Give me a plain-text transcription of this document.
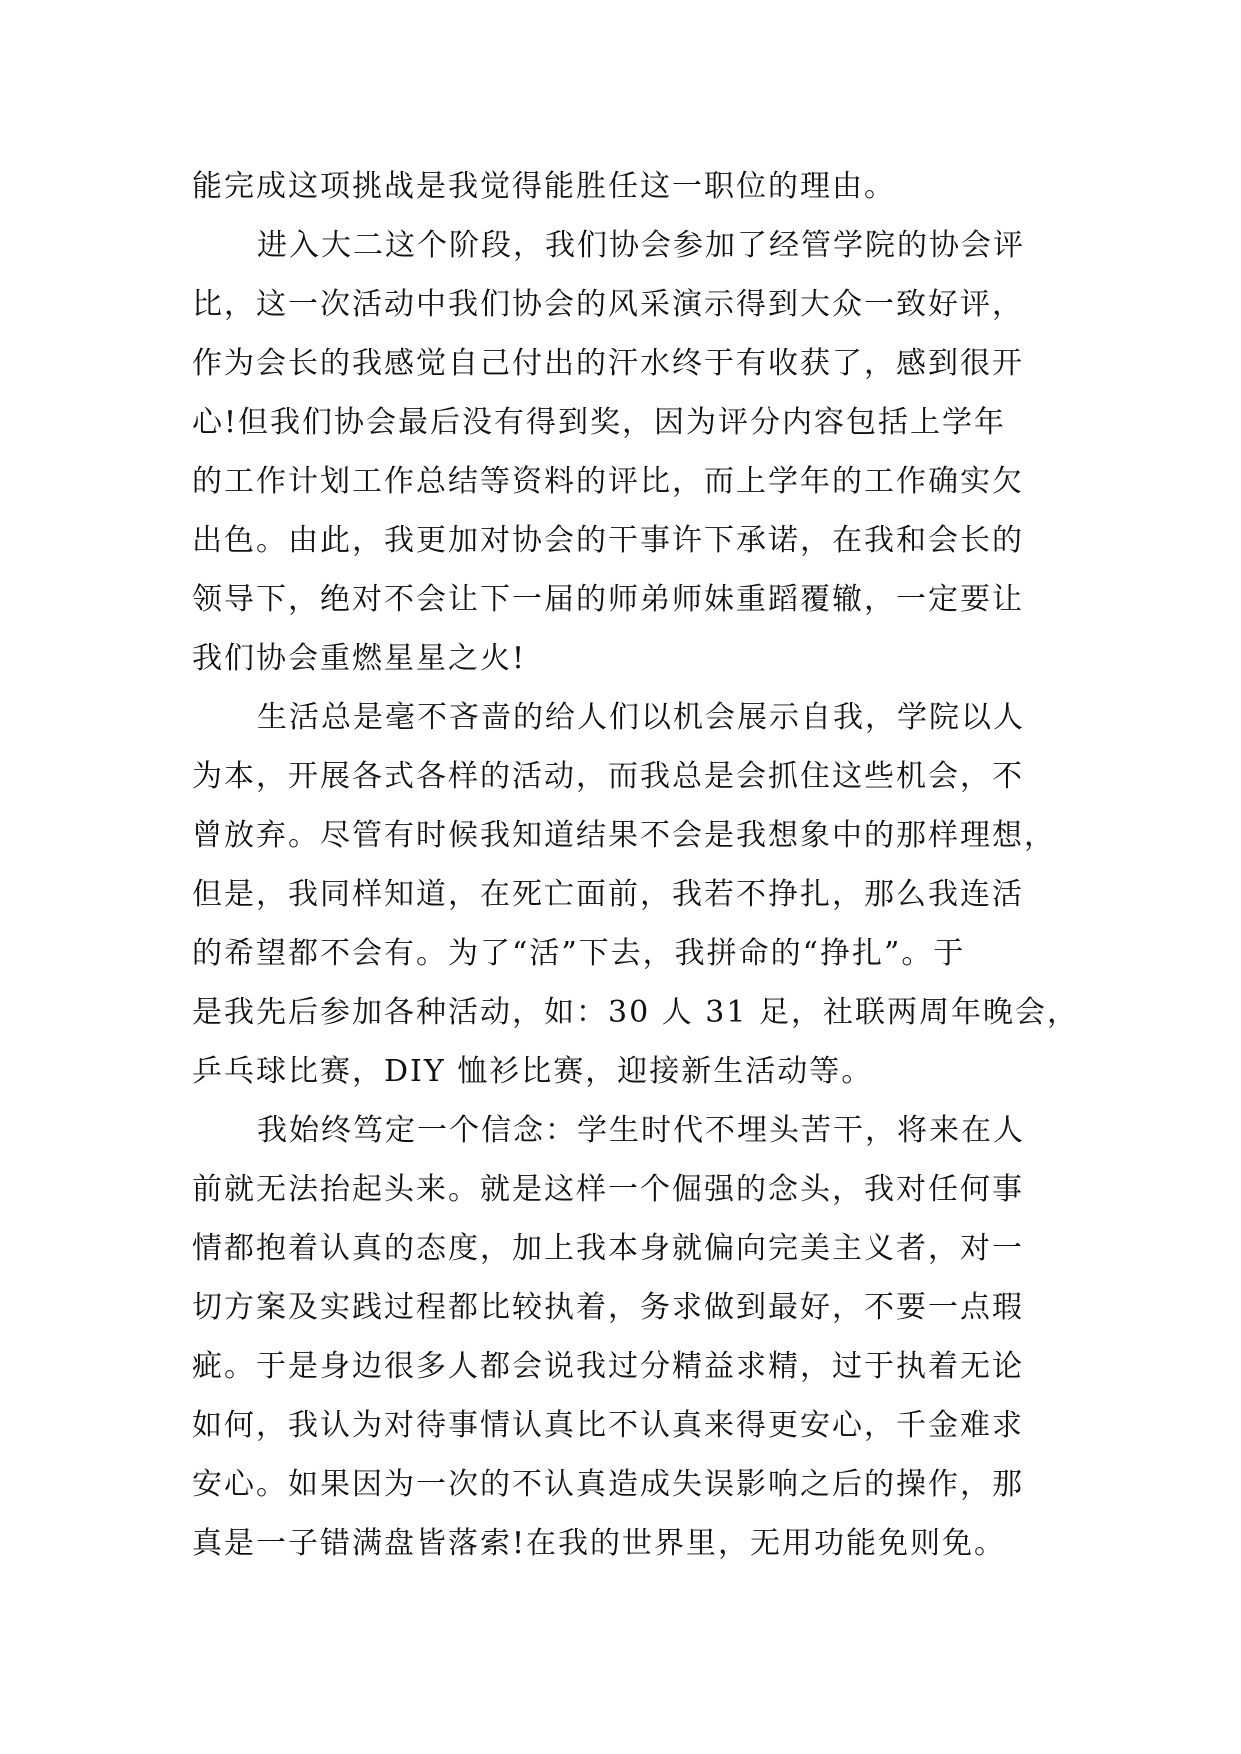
能完成这项挑战是我觉得能胜任这一职位的理由。
进入大二这个阶段，我们协会参加了经管学院的协会评
比，这一次活动中我们协会的风采演示得到大众一致好评，
作为会长的我感觉自己付出的汗水终于有收获了，感到很开
心!但我们协会最后没有得到奖，因为评分内容包括上学年
的工作计划工作总结等资料的评比，而上学年的工作确实欠
出色。由此，我更加对协会的干事许下承诺，在我和会长的
领导下，绝对不会让下一届的师弟师妹重蹈覆辙，一定要让
我们协会重燃星星之火!
生活总是毫不吝啬的给人们以机会展示自我，学院以人
为本，开展各式各样的活动，而我总是会抓住这些机会，不
曾放弃。尽管有时候我知道结果不会是我想象中的那样理想，
但是，我同样知道，在死亡面前，我若不挣扎，那么我连活
的希望都不会有。为了“活”下去，我拼命的“挣扎”。于
是我先后参加各种活动，如：30 人 31 足，社联两周年晚会，
乒乓球比赛，DIY 恤衫比赛，迎接新生活动等。
我始终笃定一个信念：学生时代不埋头苦干，将来在人
前就无法抬起头来。就是这样一个倔强的念头，我对任何事
情都抱着认真的态度，加上我本身就偏向完美主义者，对一
切方案及实践过程都比较执着，务求做到最好，不要一点瑕
疵。于是身边很多人都会说我过分精益求精，过于执着无论
如何，我认为对待事情认真比不认真来得更安心，千金难求
安心。如果因为一次的不认真造成失误影响之后的操作，那
真是一子错满盘皆落索!在我的世界里，无用功能免则免。
